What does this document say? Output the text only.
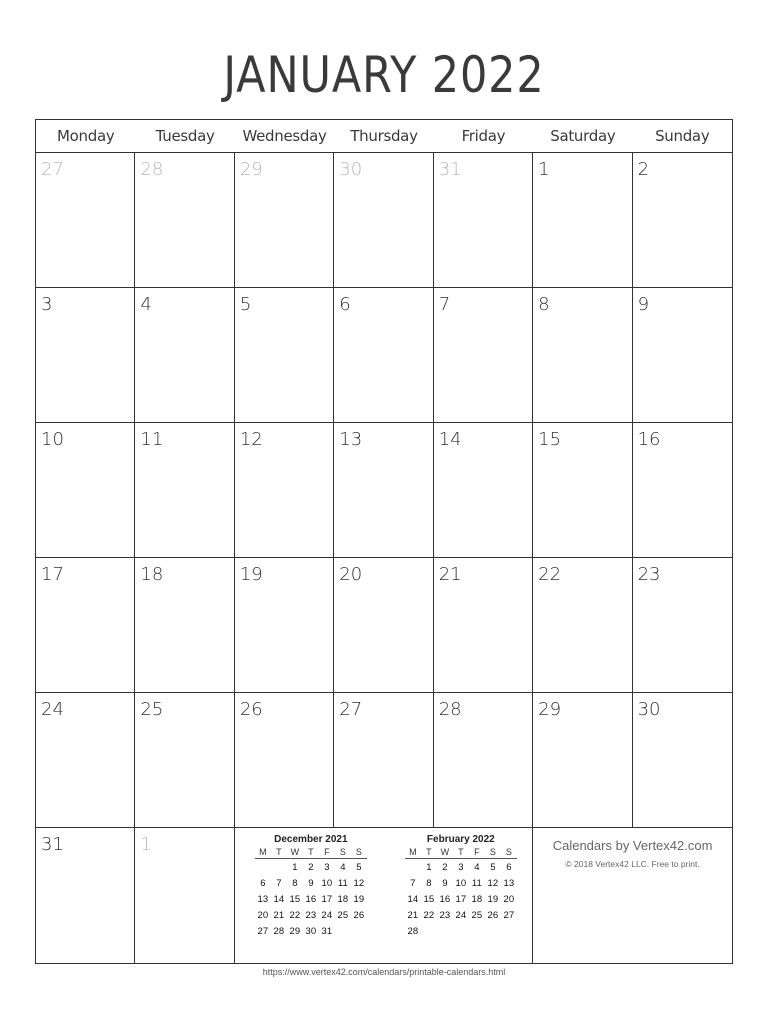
JANUARY 2022
Monday	Tuesday	Wednesday	Thursday	Friday	Saturday	Sunday
27	28	29	30	31	1	2
3	4	5	6	7	8	9
10	11	12	13	14	15	16
17	18	19	20	21	22	23
24	25	26	27	28	29	30
31	1	December 2021
M	T	W	T	F	S	S
		1	2	3	4	5
6	7	8	9	10	11	12
13	14	15	16	17	18	19
20	21	22	23	24	25	26
27	28	29	30	31		
February 2022
M	T	W	T	F	S	S
	1	2	3	4	5	6
7	8	9	10	11	12	13
14	15	16	17	18	19	20
21	22	23	24	25	26	27
28						
Calendars by Vertex42.com
© 2018 Vertex42 LLC. Free to print.
https://www.vertex42.com/calendars/printable-calendars.html
